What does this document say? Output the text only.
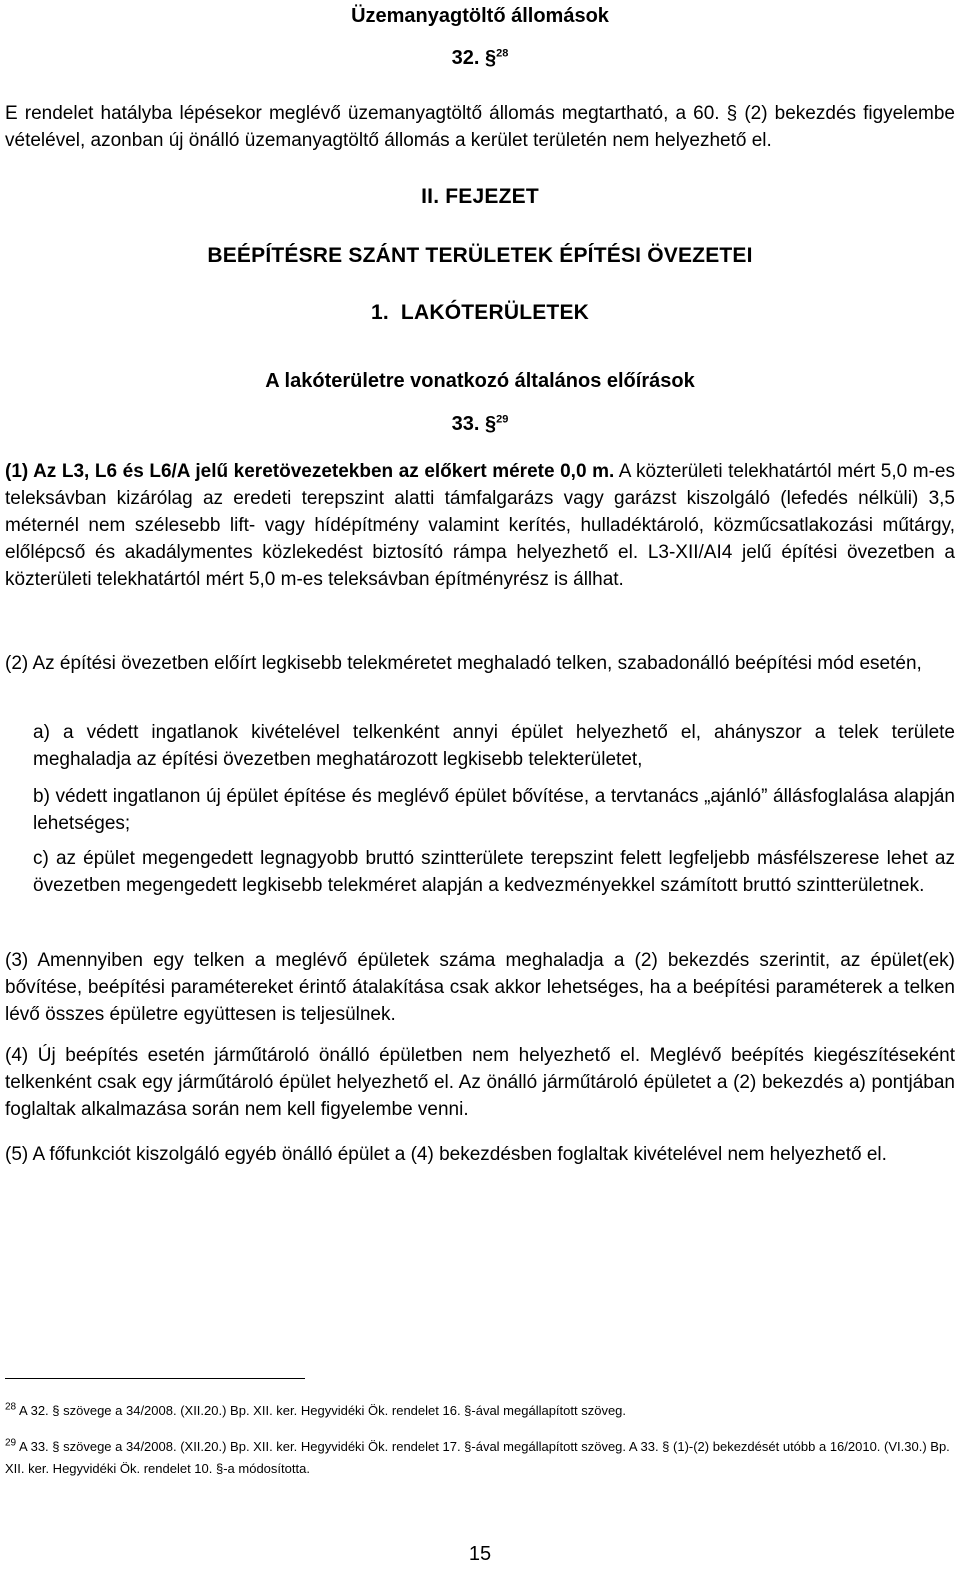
Üzemanyagtöltő állomások

32. §$^{28}$

E rendelet hatályba lépésekor meglévő üzemanyagtöltő állomás megtartható, a 60. § (2) bekezdés figyelembe vételével, azonban új önálló üzemanyagtöltő állomás a kerület területén nem helyezhető el.

II. FEJEZET

BEÉPÍTÉSRE SZÁNT TERÜLETEK ÉPÍTÉSI ÖVEZETEI

1.  LAKÓTERÜLETEK

A lakóterületre vonatkozó általános előírások

33. §$^{29}$

(1) Az L3, L6 és L6/A jelű keretövezetekben az előkert mérete 0,0 m. A közterületi telekhatártól mért 5,0 m-es teleksávban kizárólag az eredeti terepszint alatti támfalgarázs vagy garázst kiszolgáló (lefedés nélküli) 3,5 méternél nem szélesebb lift- vagy hídépítmény valamint kerítés, hulladéktároló, közműcsatlakozási műtárgy, előlépcső és akadálymentes közlekedést biztosító rámpa helyezhető el. L3-XII/AI4 jelű építési övezetben a közterületi telekhatártól mért 5,0 m-es teleksávban építményrész is állhat.

(2) Az építési övezetben előírt legkisebb telekméretet meghaladó telken, szabadonálló beépítési mód esetén,

a) a védett ingatlanok kivételével telkenként annyi épület helyezhető el, ahányszor a telek területe meghaladja az építési övezetben meghatározott legkisebb telekterületet,

b) védett ingatlanon új épület építése és meglévő épület bővítése, a tervtanács „ajánló” állásfoglalása alapján lehetséges;

c) az épület megengedett legnagyobb bruttó szintterülete terepszint felett legfeljebb másfélszerese lehet az övezetben megengedett legkisebb telekméret alapján a kedvezményekkel számított bruttó szintterületnek.

(3) Amennyiben egy telken a meglévő épületek száma meghaladja a (2) bekezdés szerintit, az épület(ek) bővítése, beépítési paramétereket érintő átalakítása csak akkor lehetséges, ha a beépítési paraméterek a telken lévő összes épületre együttesen is teljesülnek.

(4) Új beépítés esetén járműtároló önálló épületben nem helyezhető el. Meglévő beépítés kiegészítéseként telkenként csak egy járműtároló épület helyezhető el. Az önálló járműtároló épületet a (2) bekezdés a) pontjában foglaltak alkalmazása során nem kell figyelembe venni.

(5) A főfunkciót kiszolgáló egyéb önálló épület a (4) bekezdésben foglaltak kivételével nem helyezhető el.

$^{28}$ A 32. § szövege a 34/2008. (XII.20.) Bp. XII. ker. Hegyvidéki Ök. rendelet 16. §-ával megállapított szöveg.

$^{29}$ A 33. § szövege a 34/2008. (XII.20.) Bp. XII. ker. Hegyvidéki Ök. rendelet 17. §-ával megállapított szöveg. A 33. § (1)-(2) bekezdését utóbb a 16/2010. (VI.30.) Bp. XII. ker. Hegyvidéki Ök. rendelet 10. §-a módosította.

15
